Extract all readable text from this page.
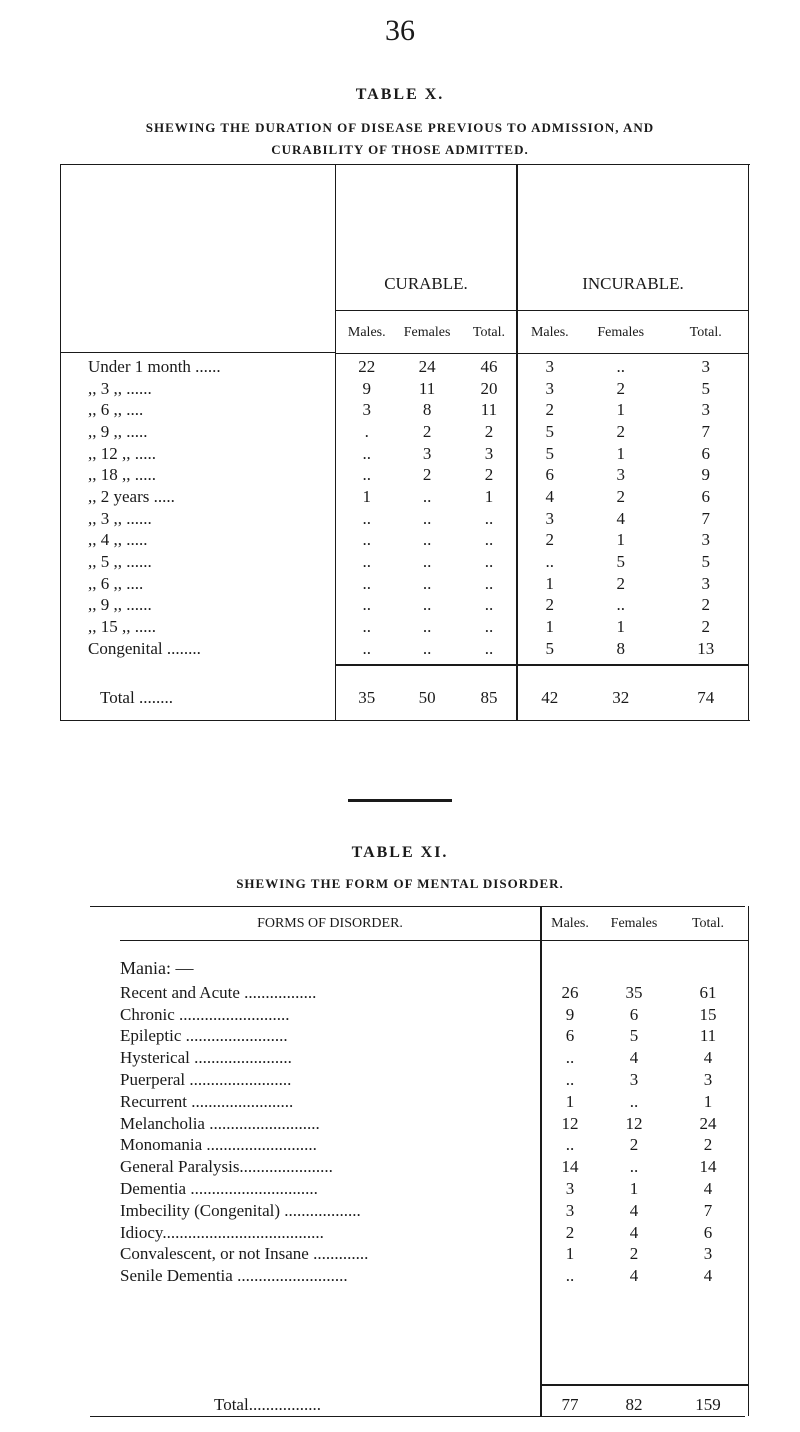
36
TABLE X.
SHEWING THE DURATION OF DISEASE PREVIOUS TO ADMISSION, AND
CURABILITY OF THOSE ADMITTED.
CURABLE.	INCURABLE.
	Males.	Females	Total.	Males.	Females	Total.
Under 1 month ......	22	24	46	3	..	3
,, 3 ,, ......	9	11	20	3	2	5
,, 6 ,, ....	3	8	11	2	1	3
,, 9 ,, .....	.	2	2	5	2	7
,, 12 ,, .....	..	3	3	5	1	6
,, 18 ,, .....	..	2	2	6	3	9
,, 2 years .....	1	..	1	4	2	6
,, 3 ,, ......	..	..	..	3	4	7
,, 4 ,, .....	..	..	..	2	1	3
,, 5 ,, ......	..	..	..	..	5	5
,, 6 ,, ....	..	..	..	1	2	3
,, 9 ,, ......	..	..	..	2	..	2
,, 15 ,, .....	..	..	..	1	1	2
Congenital ........	..	..	..	5	8	13
Total ........	35	50	85	42	32	74
TABLE XI.
SHEWING THE FORM OF MENTAL DISORDER.
FORMS OF DISORDER.	Males.	Females	Total.
Mania: —
Recent and Acute .................	26	35	61
Chronic ..........................	9	6	15
Epileptic ........................	6	5	11
Hysterical .......................	..	4	4
Puerperal ........................	..	3	3
Recurrent ........................	1	..	1
Melancholia ..........................	12	12	24
Monomania ..........................	..	2	2
General Paralysis......................	14	..	14
Dementia ..............................	3	1	4
Imbecility (Congenital) ..................	3	4	7
Idiocy......................................	2	4	6
Convalescent, or not Insane .............	1	2	3
Senile Dementia ..........................	..	4	4
Total.................	77	82	159
